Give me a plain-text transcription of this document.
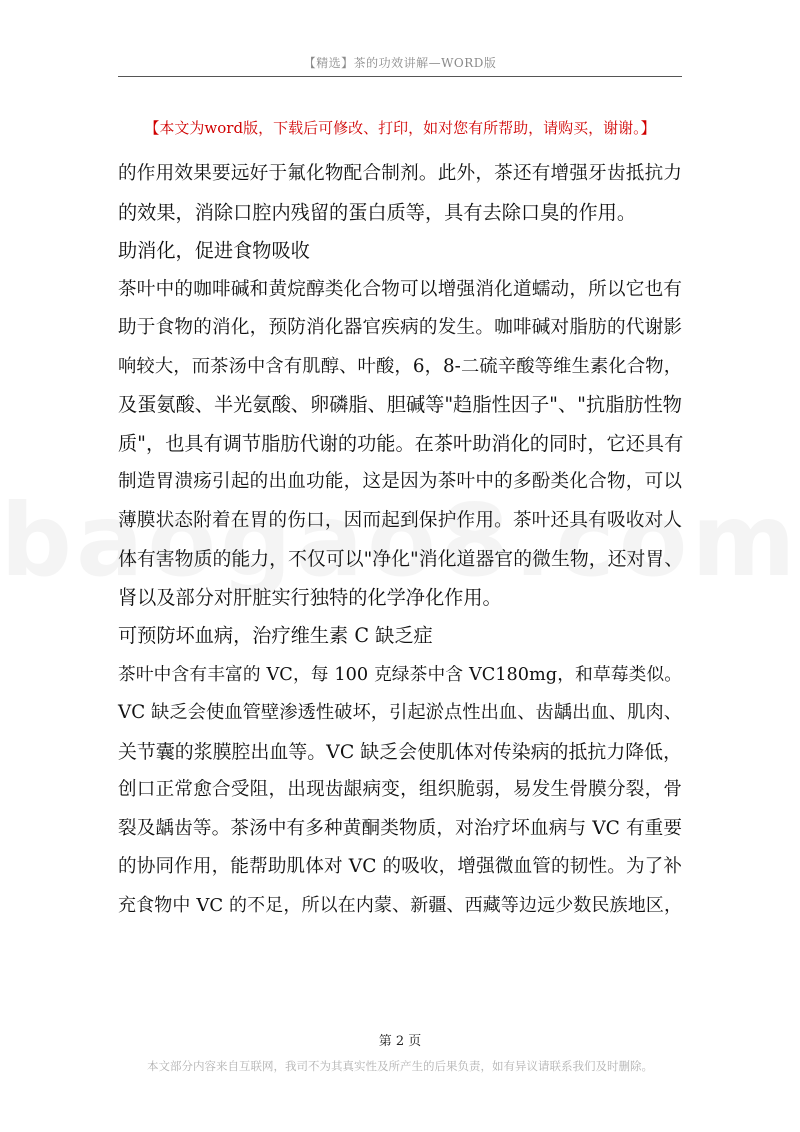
【精选】茶的功效讲解—WORD版
【本文为word版，下载后可修改、打印，如对您有所帮助，请购买，谢谢。】
的作用效果要远好于氟化物配合制剂。此外，茶还有增强牙齿抵抗力
的效果，消除口腔内残留的蛋白质等，具有去除口臭的作用。
助消化，促进食物吸收
茶叶中的咖啡碱和黄烷醇类化合物可以增强消化道蠕动，所以它也有
助于食物的消化，预防消化器官疾病的发生。咖啡碱对脂肪的代谢影
响较大，而茶汤中含有肌醇、叶酸，6，8-二硫辛酸等维生素化合物，
及蛋氨酸、半光氨酸、卵磷脂、胆碱等"趋脂性因子"、"抗脂肪性物
质"，也具有调节脂肪代谢的功能。在茶叶助消化的同时，它还具有
制造胃溃疡引起的出血功能，这是因为茶叶中的多酚类化合物，可以
薄膜状态附着在胃的伤口，因而起到保护作用。茶叶还具有吸收对人
体有害物质的能力，不仅可以"净化"消化道器官的微生物，还对胃、
肾以及部分对肝脏实行独特的化学净化作用。
可预防坏血病，治疗维生素 C 缺乏症
茶叶中含有丰富的 VC，每 100 克绿茶中含 VC180mg，和草莓类似。
VC 缺乏会使血管壁渗透性破坏，引起淤点性出血、齿龋出血、肌肉、
关节囊的浆膜腔出血等。VC 缺乏会使肌体对传染病的抵抗力降低，
创口正常愈合受阻，出现齿龈病变，组织脆弱，易发生骨膜分裂，骨
裂及龋齿等。茶汤中有多种黄酮类物质，对治疗坏血病与 VC 有重要
的协同作用，能帮助肌体对 VC 的吸收，增强微血管的韧性。为了补
充食物中 VC 的不足，所以在内蒙、新疆、西藏等边远少数民族地区，
第 2 页
本文部分内容来自互联网，我司不为其真实性及所产生的后果负责，如有异议请联系我们及时删除。
